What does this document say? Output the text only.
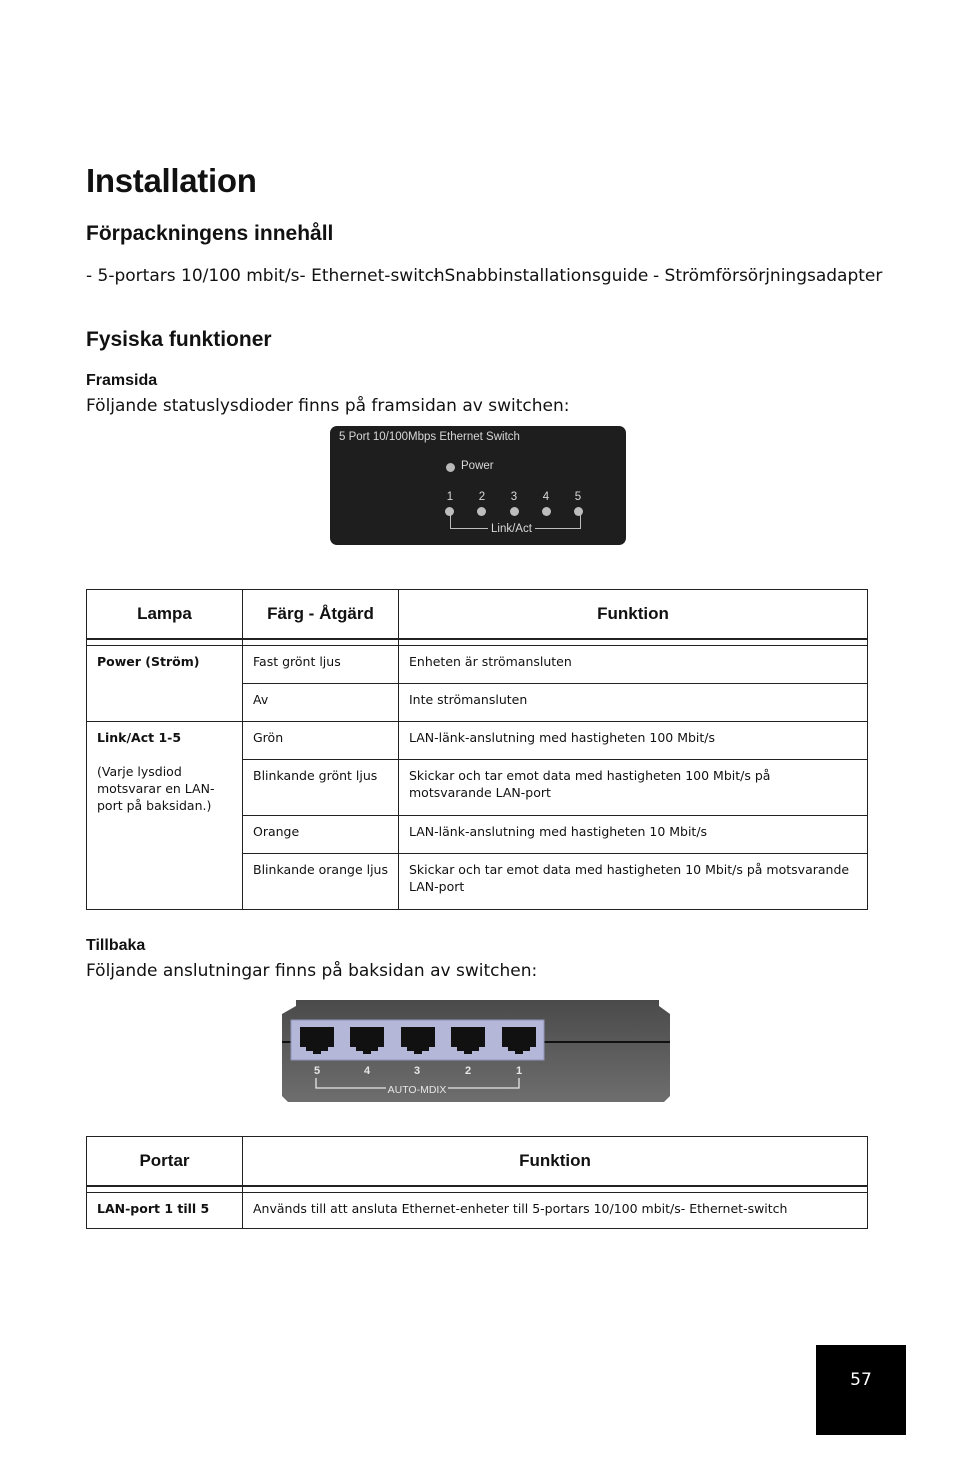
Installation
Förpackningens innehåll
- 5-portars 10/100 mbit/s- Ethernet-switch
- Snabbinstallationsguide - Strömförsörjningsadapter
Fysiska funktioner
Framsida
Följande statuslysdioder finns på framsidan av switchen:
5 Port 10/100Mbps Ethernet Switch
Power
1 2 3 4 5
Link/Act
Lampa	Färg - Åtgärd	Funktion

Power (Ström)	Fast grönt ljus	Enheten är strömansluten
	Av	Inte strömansluten

Link/Act 1-5
(Varje lysdiod motsvarar en LAN-port på baksidan.)	Grön	LAN-länk-anslutning med hastigheten 100 Mbit/s
	Blinkande grönt ljus	Skickar och tar emot data med hastigheten 100 Mbit/s på motsvarande LAN-port
	Orange	LAN-länk-anslutning med hastigheten 10 Mbit/s
	Blinkande orange ljus	Skickar och tar emot data med hastigheten 10 Mbit/s på motsvarande LAN-port
Tillbaka
Följande anslutningar finns på baksidan av switchen:
5	4	3	2	1
AUTO-MDIX
Portar	Funktion

LAN-port 1 till 5	Används till att ansluta Ethernet-enheter till 5-portars 10/100 mbit/s- Ethernet-switch
57
